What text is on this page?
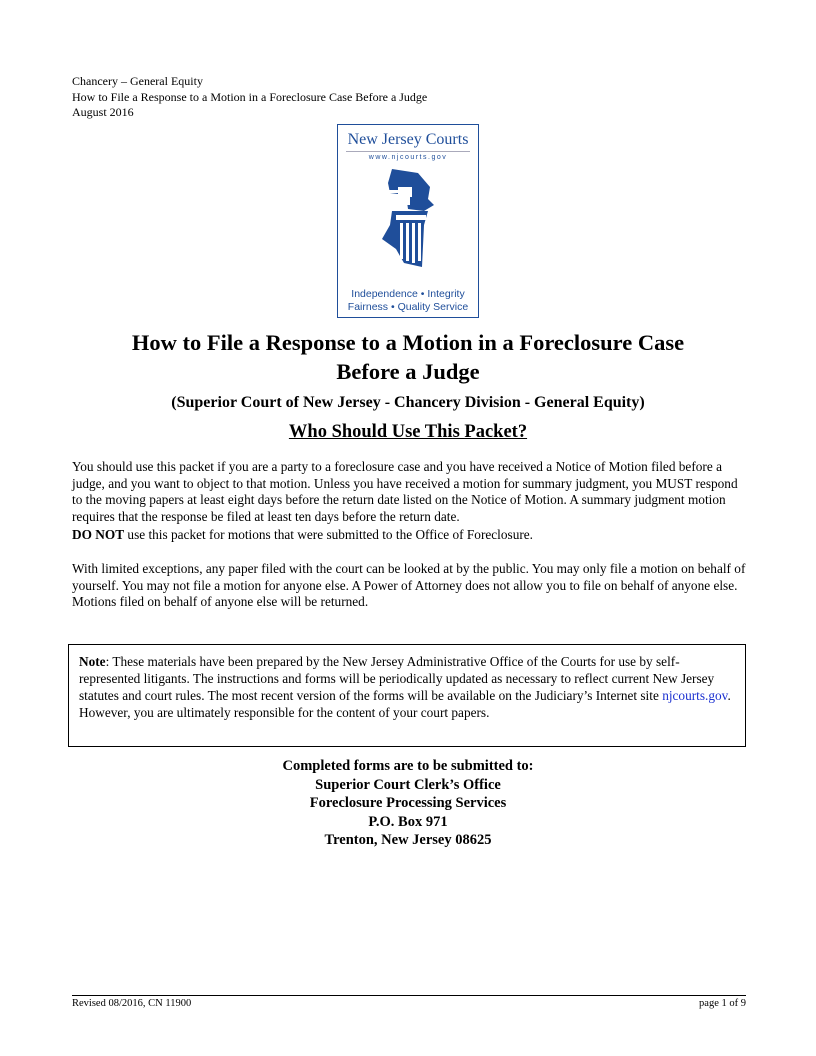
Chancery – General Equity
How to File a Response to a Motion in a Foreclosure Case Before a Judge
August 2016
New Jersey Courts
www.njcourts.gov
Independence • Integrity
Fairness • Quality Service
How to File a Response to a Motion in a Foreclosure Case
Before a Judge
(Superior Court of New Jersey - Chancery Division - General Equity)
Who Should Use This Packet?

You should use this packet if you are a party to a foreclosure case and you have received a Notice of Motion filed before a judge, and you want to object to that motion. Unless you have received a motion for summary judgment, you MUST respond to the moving papers at least eight days before the return date listed on the Notice of Motion. A summary judgment motion requires that the response be filed at least ten days before the return date.

DO NOT use this packet for motions that were submitted to the Office of Foreclosure.

With limited exceptions, any paper filed with the court can be looked at by the public. You may only file a motion on behalf of yourself. You may not file a motion for anyone else. A Power of Attorney does not allow you to file on behalf of anyone else. Motions filed on behalf of anyone else will be returned.

Note: These materials have been prepared by the New Jersey Administrative Office of the Courts for use by self-represented litigants. The instructions and forms will be periodically updated as necessary to reflect current New Jersey statutes and court rules. The most recent version of the forms will be available on the Judiciary’s Internet site njcourts.gov. However, you are ultimately responsible for the content of your court papers.
Completed forms are to be submitted to:
Superior Court Clerk’s Office
Foreclosure Processing Services
P.O. Box 971
Trenton, New Jersey 08625
Revised 08/2016, CN 11900	page 1 of 9
